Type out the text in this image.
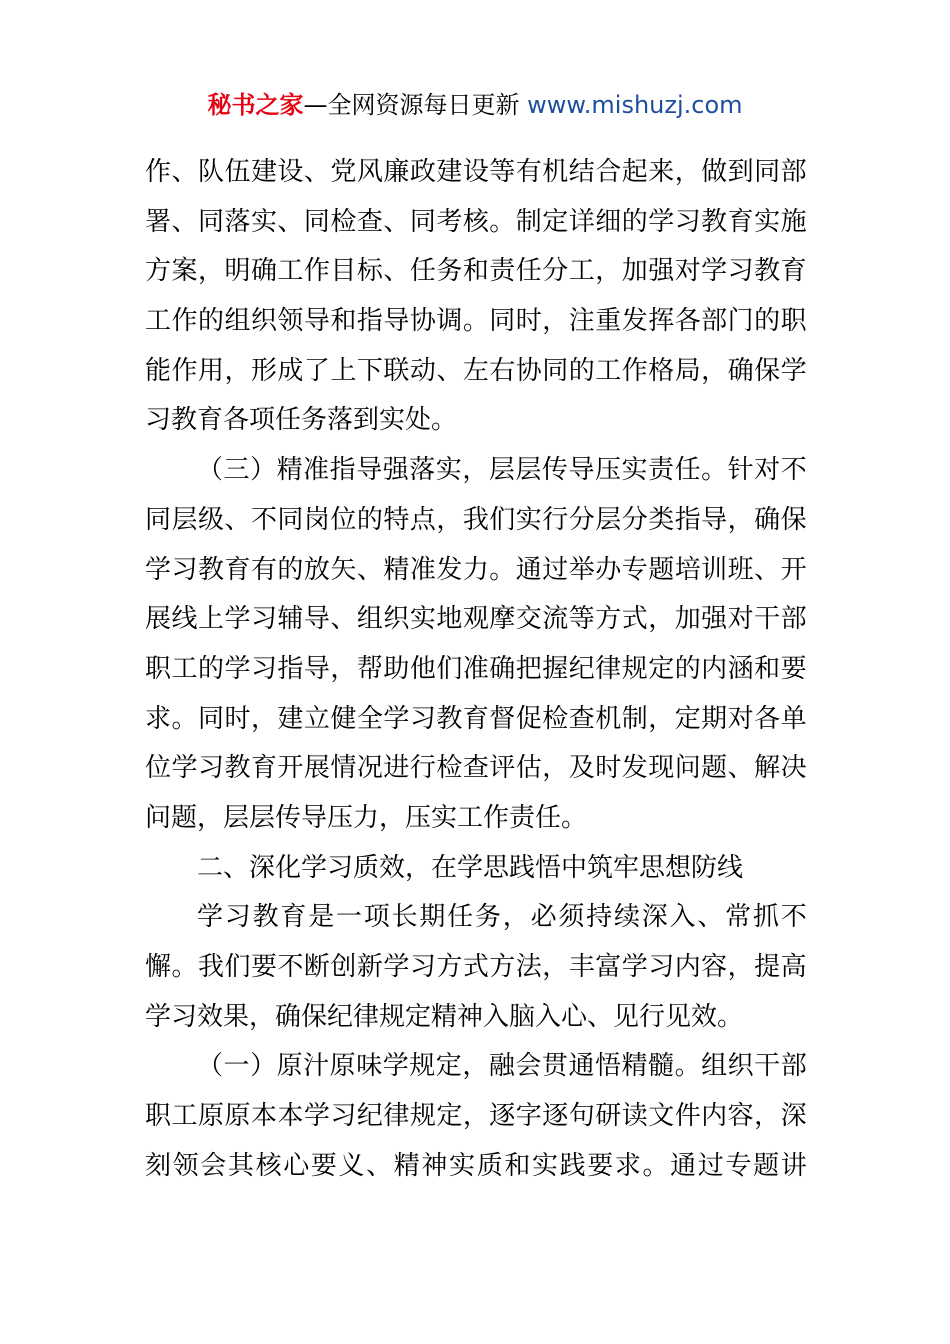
秘书之家—全网资源每日更新 www.mishuzj.com
作 、 队 伍 建 设 、 党 风 廉 政 建 设 等 有 机 结 合 起 来 ， 做 到 同 部
署 、 同 落 实 、 同 检 查 、 同 考 核 。 制 定 详 细 的 学 习 教 育 实 施
方 案 ， 明 确 工 作 目 标 、 任 务 和 责 任 分 工 ， 加 强 对 学 习 教 育
工 作 的 组 织 领 导 和 指 导 协 调 。 同 时 ， 注 重 发 挥 各 部 门 的 职
能 作 用 ， 形 成 了 上 下 联 动 、 左 右 协 同 的 工 作 格 局 ， 确 保 学
习教育各项任务落到实处。
（ 三 ） 精 准 指 导 强 落 实 ， 层 层 传 导 压 实 责 任 。 针 对 不
同 层 级 、 不 同 岗 位 的 特 点 ， 我 们 实 行 分 层 分 类 指 导 ， 确 保
学 习 教 育 有 的 放 矢 、 精 准 发 力 。 通 过 举 办 专 题 培 训 班 、 开
展 线 上 学 习 辅 导 、 组 织 实 地 观 摩 交 流 等 方 式 ， 加 强 对 干 部
职 工 的 学 习 指 导 ， 帮 助 他 们 准 确 把 握 纪 律 规 定 的 内 涵 和 要
求 。 同 时 ， 建 立 健 全 学 习 教 育 督 促 检 查 机 制 ， 定 期 对 各 单
位 学 习 教 育 开 展 情 况 进 行 检 查 评 估 ， 及 时 发 现 问 题 、 解 决
问题，层层传导压力，压实工作责任。
二、深化学习质效，在学思践悟中筑牢思想防线
学 习 教 育 是 一 项 长 期 任 务 ， 必 须 持 续 深 入 、 常 抓 不
懈 。 我 们 要 不 断 创 新 学 习 方 式 方 法 ， 丰 富 学 习 内 容 ， 提 高
学习效果，确保纪律规定精神入脑入心、见行见效。
（ 一 ） 原 汁 原 味 学 规 定 ， 融 会 贯 通 悟 精 髓 。 组 织 干 部
职 工 原 原 本 本 学 习 纪 律 规 定 ， 逐 字 逐 句 研 读 文 件 内 容 ， 深
刻 领 会 其 核 心 要 义 、 精 神 实 质 和 实 践 要 求 。 通 过 专 题 讲
